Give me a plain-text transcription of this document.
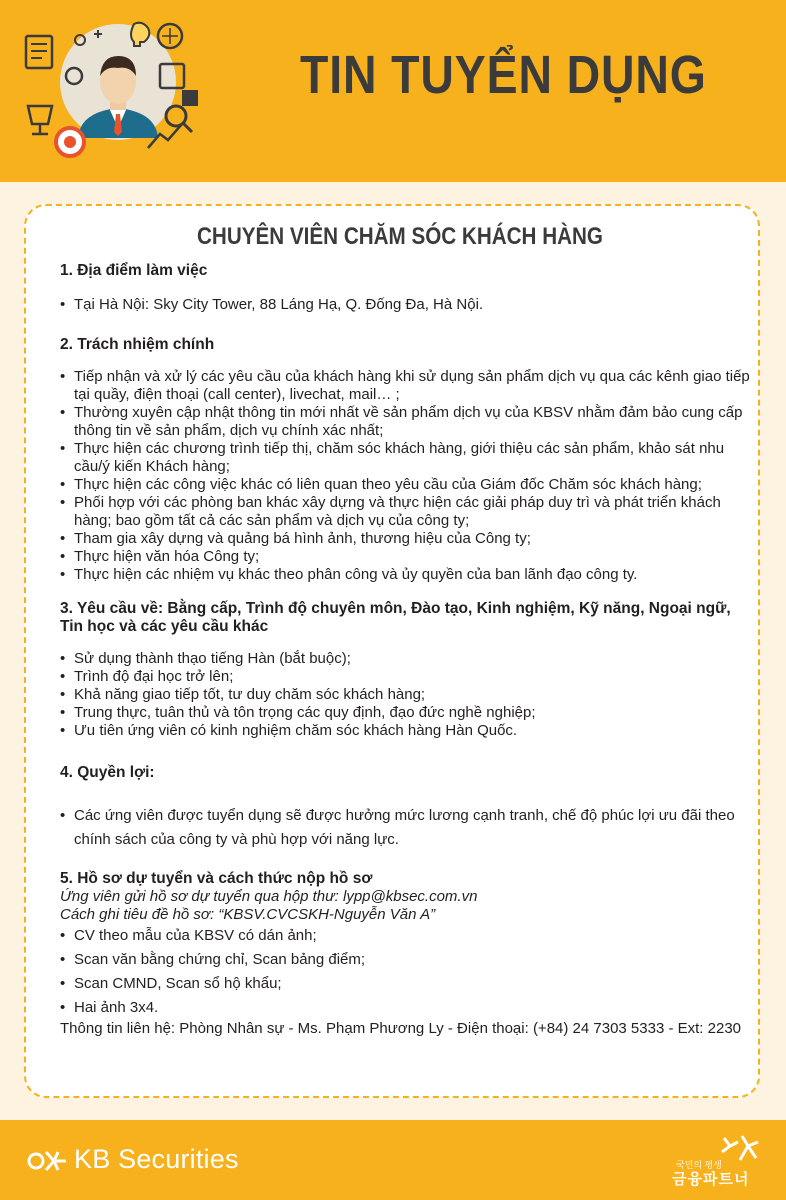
TIN TUYỂN DỤNG
CHUYÊN VIÊN CHĂM SÓC KHÁCH HÀNG

1. Địa điểm làm việc

• Tại Hà Nội: Sky City Tower, 88 Láng Hạ, Q. Đống Đa, Hà Nội.

2. Trách nhiệm chính

• Tiếp nhận và xử lý các yêu cầu của khách hàng khi sử dụng sản phẩm dịch vụ qua các kênh giao tiếp tại quầy, điện thoại (call center), livechat, mail… ;
• Thường xuyên cập nhật thông tin mới nhất về sản phẩm dịch vụ của KBSV nhằm đảm bảo cung cấp thông tin về sản phẩm, dịch vụ chính xác nhất;
• Thực hiện các chương trình tiếp thị, chăm sóc khách hàng, giới thiệu các sản phẩm, khảo sát nhu cầu/ý kiến Khách hàng;
• Thực hiện các công việc khác có liên quan theo yêu cầu của Giám đốc Chăm sóc khách hàng;
• Phối hợp với các phòng ban khác xây dựng và thực hiện các giải pháp duy trì và phát triển khách hàng; bao gồm tất cả các sản phẩm và dịch vụ của công ty;
• Tham gia xây dựng và quảng bá hình ảnh, thương hiệu của Công ty;
• Thực hiện văn hóa Công ty;
• Thực hiện các nhiệm vụ khác theo phân công và ủy quyền của ban lãnh đạo công ty.

3. Yêu cầu về: Bằng cấp, Trình độ chuyên môn, Đào tạo, Kinh nghiệm, Kỹ năng, Ngoại ngữ, Tin học và các yêu cầu khác

• Sử dụng thành thạo tiếng Hàn (bắt buộc);
• Trình độ đại học trở lên;
• Khả năng giao tiếp tốt, tư duy chăm sóc khách hàng;
• Trung thực, tuân thủ và tôn trọng các quy định, đạo đức nghề nghiệp;
• Ưu tiên ứng viên có kinh nghiệm chăm sóc khách hàng Hàn Quốc.

4. Quyền lợi:

• Các ứng viên được tuyển dụng sẽ được hưởng mức lương cạnh tranh, chế độ phúc lợi ưu đãi theo chính sách của công ty và phù hợp với năng lực.

5. Hồ sơ dự tuyển và cách thức nộp hồ sơ

Ứng viên gửi hồ sơ dự tuyển qua hộp thư: lypp@kbsec.com.vn
Cách ghi tiêu đề hồ sơ: “KBSV.CVCSKH-Nguyễn Văn A”
• CV theo mẫu của KBSV có dán ảnh;
• Scan văn bằng chứng chỉ, Scan bảng điểm;
• Scan CMND, Scan sổ hộ khẩu;
• Hai ảnh 3x4.
Thông tin liên hệ: Phòng Nhân sự - Ms. Phạm Phương Ly - Điện thoại: (+84) 24 7303 5333 - Ext: 2230
KB Securities	국민의 평생
금융파트너
